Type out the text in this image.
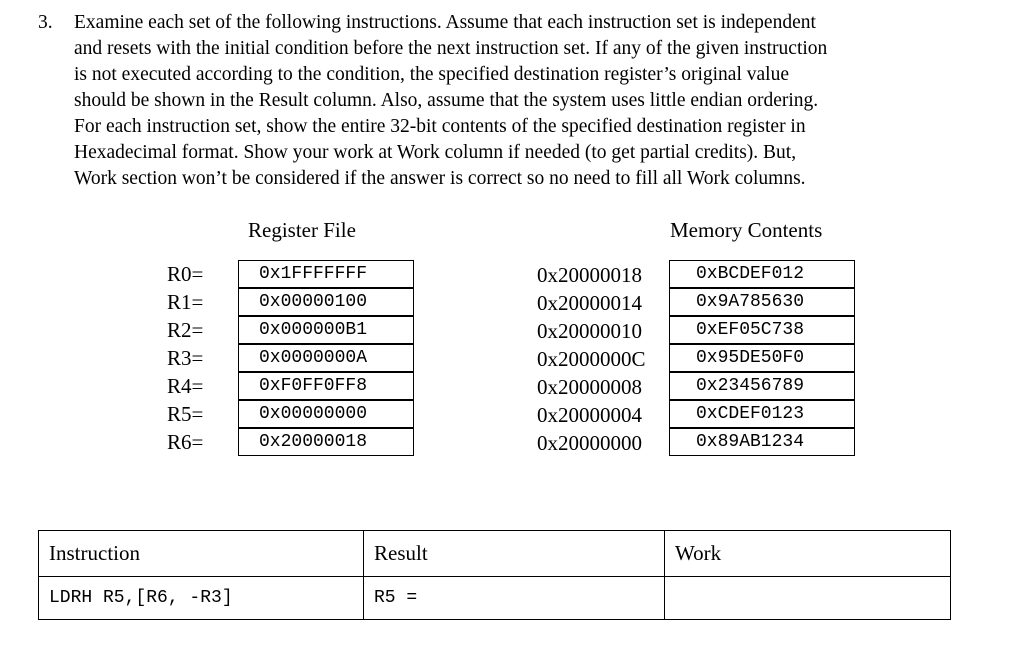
3. Examine each set of the following instructions. Assume that each instruction set is independent
and resets with the initial condition before the next instruction set. If any of the given instruction
is not executed according to the condition, the specified destination register’s original value
should be shown in the Result column. Also, assume that the system uses little endian ordering.
For each instruction set, show the entire 32-bit contents of the specified destination register in
Hexadecimal format. Show your work at Work column if needed (to get partial credits). But,
Work section won’t be considered if the answer is correct so no need to fill all Work columns.
Register File	Memory Contents
R0=	0x1FFFFFFF
R1=	0x00000100
R2=	0x000000B1
R3=	0x0000000A
R4=	0xF0FF0FF8
R5=	0x00000000
R6=	0x20000018
0x20000018	0xBCDEF012
0x20000014	0x9A785630
0x20000010	0xEF05C738
0x2000000C	0x95DE50F0
0x20000008	0x23456789
0x20000004	0xCDEF0123
0x20000000	0x89AB1234
Instruction	Result	Work
LDRH R5,[R6, -R3]	R5 =	
